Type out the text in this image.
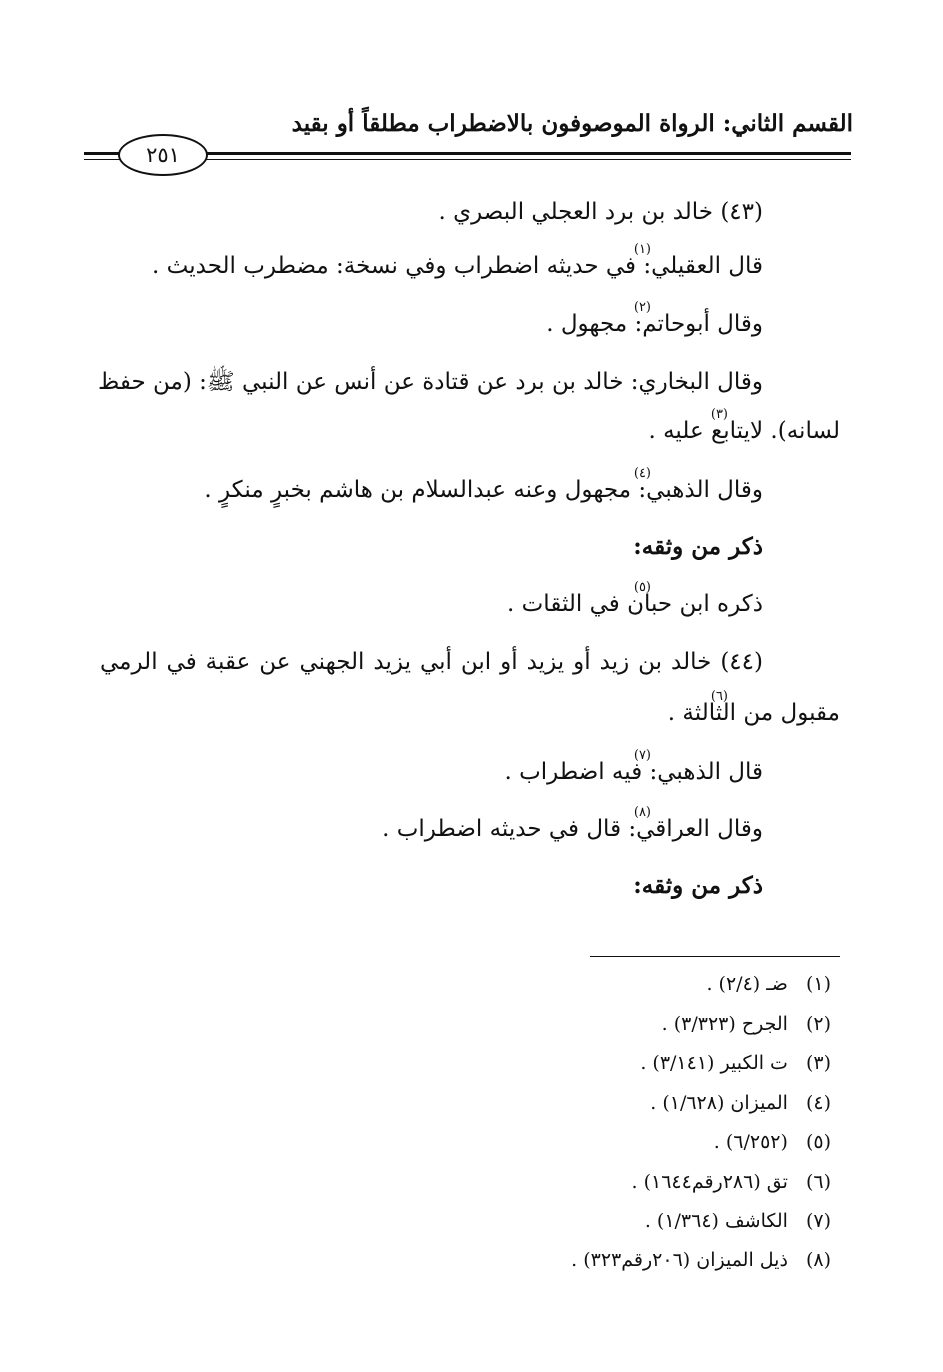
القسم الثاني: الرواة الموصوفون بالاضطراب مطلقاً أو بقيد
٢٥١
(٤٣) خالد بن برد العجلي البصري .
قال العقيلي: في حديثه اضطراب وفي نسخة: مضطرب الحديث
(١)
.
وقال أبوحاتم: مجهول
(٢)
.
وقال البخاري: خالد بن برد عن قتادة عن أنس عن النبي ﷺ: (من حفظ
لسانه). لايتابع عليه
(٣)
.
وقال الذهبي: مجهول وعنه عبدالسلام بن هاشم بخبرٍ منكرٍ
(٤)
.
ذكر من وثقه:
ذكره ابن حبان في الثقات
(٥)
.
(٤٤) خالد بن زيد أو يزيد أو ابن أبي يزيد الجهني عن عقبة في الرمي
مقبول من الثالثة
(٦)
.
قال الذهبي: فيه اضطراب
(٧)
.
وقال العراقي: قال في حديثه اضطراب
(٨)
.
ذكر من وثقه:
(١)ضـ (٢/٤) .
(٢)الجرح (٣/٣٢٣) .
(٣)ت الكبير (٣/١٤١) .
(٤)الميزان (١/٦٢٨) .
(٥)(٦/٢٥٢) .
(٦)تق (٢٨٦رقم١٦٤٤) .
(٧)الكاشف (١/٣٦٤) .
(٨)ذيل الميزان (٢٠٦رقم٣٢٣) .
